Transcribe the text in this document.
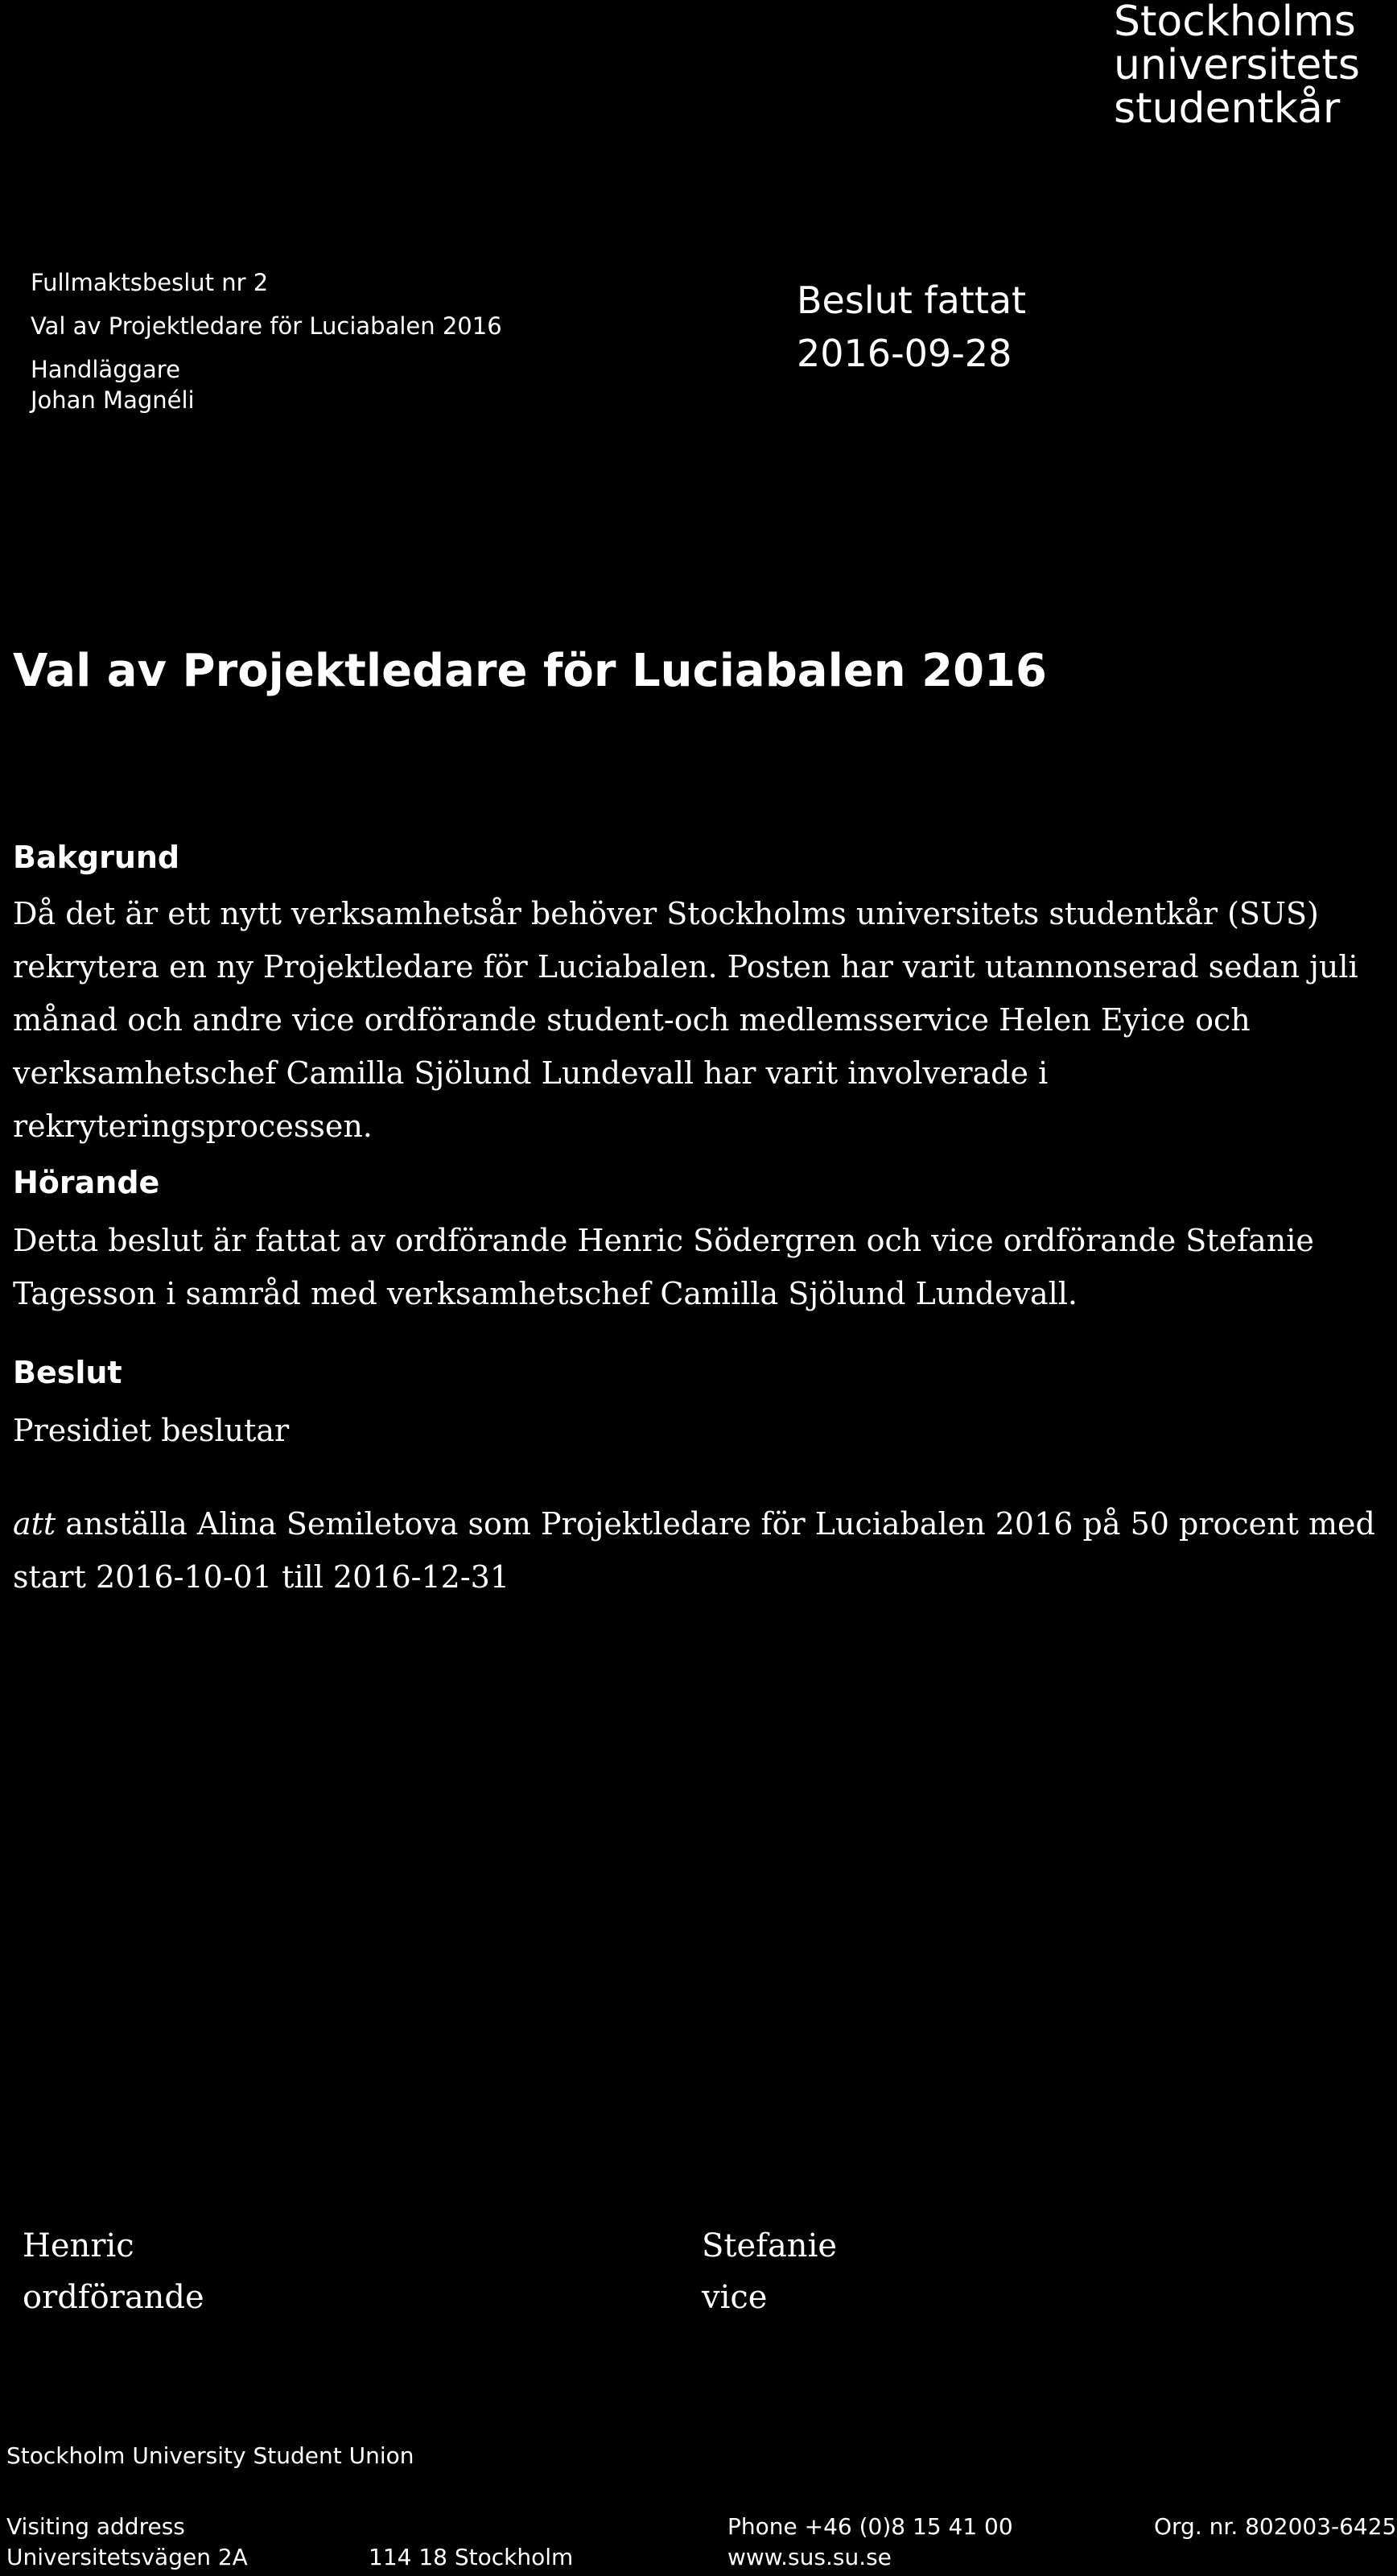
Stockholms
universitets
studentkår
Fullmaktsbeslut nr 2
Val av Projektledare för Luciabalen 2016
Handläggare
Johan Magnéli
Beslut fattat
2016-09-28
Val av Projektledare för Luciabalen 2016
Bakgrund
Då det är ett nytt verksamhetsår behöver Stockholms universitets studentkår (SUS)
rekrytera en ny Projektledare för Luciabalen. Posten har varit utannonserad sedan juli
månad och andre vice ordförande student-och medlemsservice Helen Eyice och
verksamhetschef Camilla Sjölund Lundevall har varit involverade i
rekryteringsprocessen.
Hörande
Detta beslut är fattat av ordförande Henric Södergren och vice ordförande Stefanie
Tagesson i samråd med verksamhetschef Camilla Sjölund Lundevall.
Beslut
Presidiet beslutar
att anställa Alina Semiletova som Projektledare för Luciabalen 2016 på 50 procent med
start 2016-10-01 till 2016-12-31
Henric
ordförande
Stefanie
vice
Stockholm University Student Union
Visiting address
Universitetsvägen 2A	114 18 Stockholm
Phone +46 (0)8 15 41 00
www.sus.su.se
Org. nr. 802003-6425
